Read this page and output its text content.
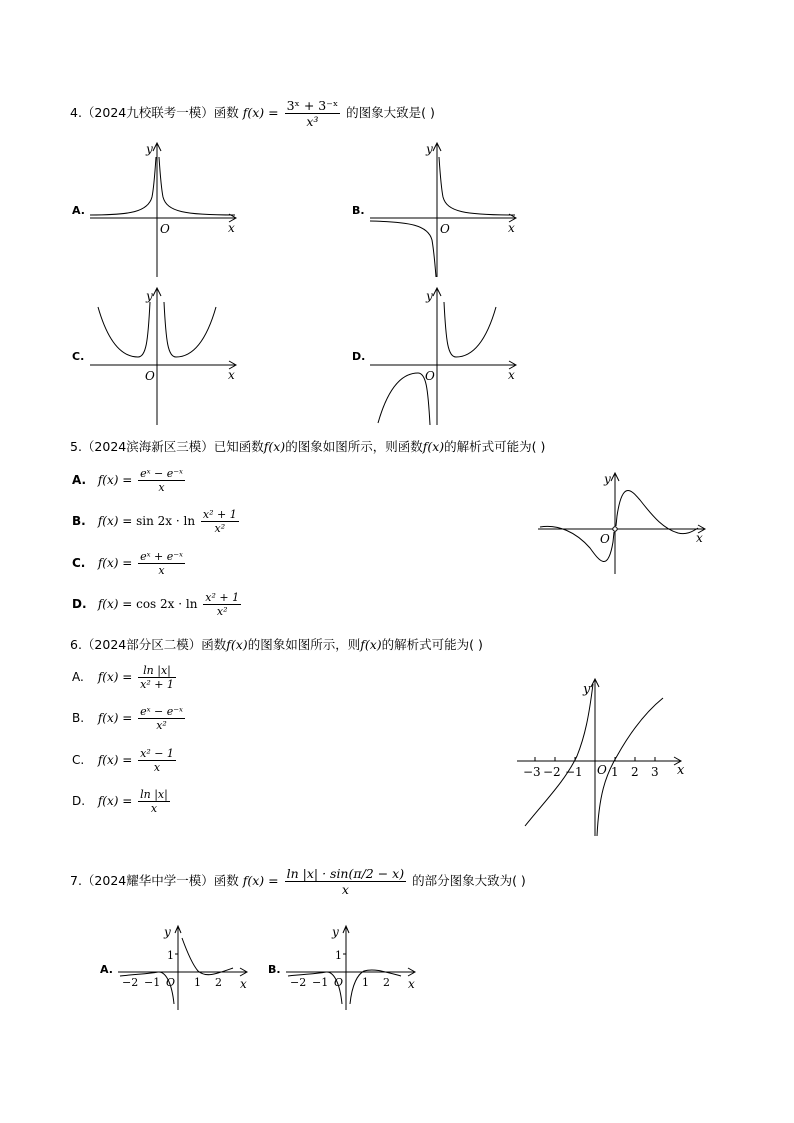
4.（2024九校联考一模）函数 $f(x) = \frac{\text{3ˣ + 3⁻ˣ}}{\text{x³}}$ 的图象大致是( )
A.
y
x
O
B.
y
x
O
C.
y
x
O
D.
y
x
O
5.（2024滨海新区三模）已知函数f(x)的图象如图所示，则函数f(x)的解析式可能为( )
A. $f(x) = \frac{\text{eˣ − e⁻ˣ}}{x}$
B. $f(x) = \sin 2x \cdot \ln \frac{\text{x² + 1}}{\text{x²}}$
C. $f(x) = \frac{\text{eˣ + e⁻ˣ}}{x}$
D. $f(x) = \cos 2x \cdot \ln \frac{\text{x² + 1}}{\text{x²}}$
y
x
O
6.（2024部分区二模）函数f(x)的图象如图所示，则f(x)的解析式可能为( )
A. $f(x) = \frac{\ln |x|}{\text{x² + 1}}$
B. $f(x) = \frac{\text{eˣ − e⁻ˣ}}{\text{x²}}$
C. $f(x) = \frac{\text{x² − 1}}{x}$
D. $f(x) = \frac{\ln |x|}{x}$
y
x
O
−3 −2 −1 1 2 3
7.（2024耀华中学一模）函数 $f(x) = \frac{\ln |x| \cdot \sin(\pi/2 - x)}{x}$ 的部分图象大致为( )
A.
y
1
x
O
−2 −1	1 2
B.
y
1
x
O
−2 −1	1 2
